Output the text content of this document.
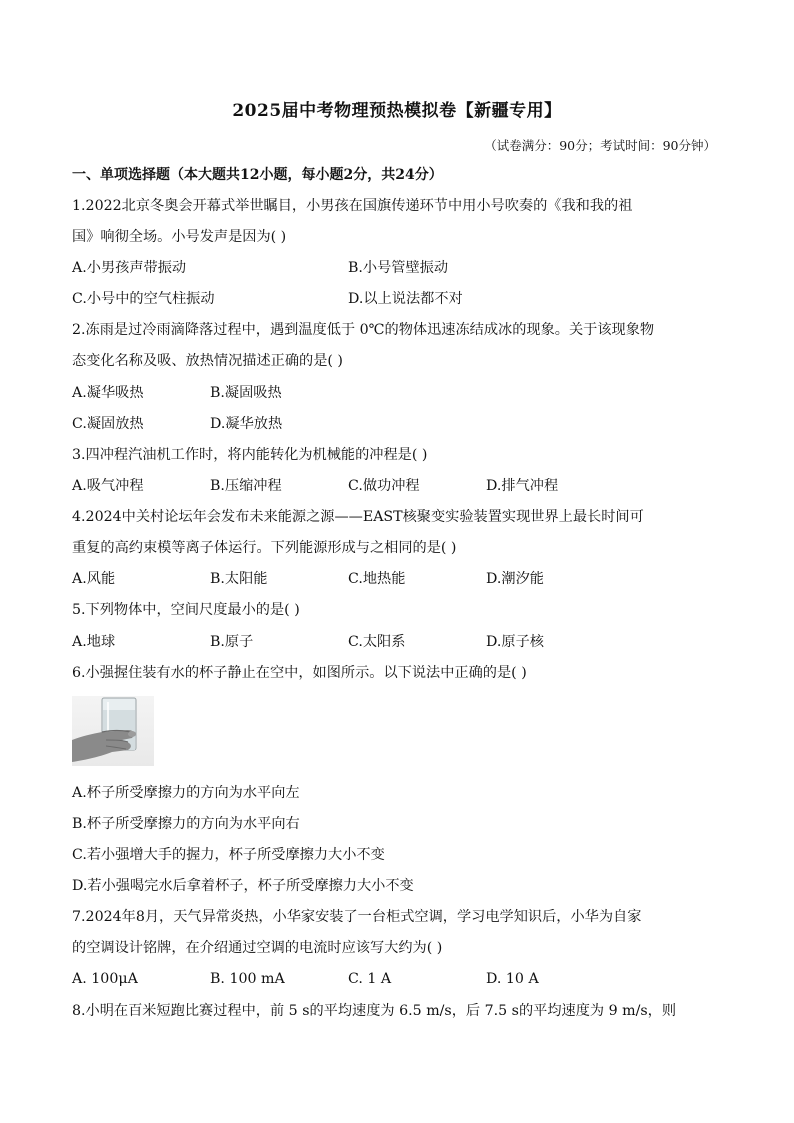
2025届中考物理预热模拟卷【新疆专用】
（试卷满分：90分；考试时间：90分钟）
一、单项选择题（本大题共12小题，每小题2分，共24分）
1.2022北京冬奥会开幕式举世瞩目，小男孩在国旗传递环节中用小号吹奏的《我和我的祖
国》响彻全场。小号发声是因为( )
A.小男孩声带振动	B.小号管壁振动
C.小号中的空气柱振动	D.以上说法都不对
2.冻雨是过冷雨滴降落过程中，遇到温度低于 0℃的物体迅速冻结成冰的现象。关于该现象物
态变化名称及吸、放热情况描述正确的是( )
A.凝华吸热	B.凝固吸热
C.凝固放热	D.凝华放热
3.四冲程汽油机工作时，将内能转化为机械能的冲程是( )
A.吸气冲程	B.压缩冲程	C.做功冲程	D.排气冲程
4.2024中关村论坛年会发布未来能源之源——EAST核聚变实验装置实现世界上最长时间可
重复的高约束模等离子体运行。下列能源形成与之相同的是( )
A.风能	B.太阳能	C.地热能	D.潮汐能
5.下列物体中，空间尺度最小的是( )
A.地球	B.原子	C.太阳系	D.原子核
6.小强握住装有水的杯子静止在空中，如图所示。以下说法中正确的是( )
A.杯子所受摩擦力的方向为水平向左
B.杯子所受摩擦力的方向为水平向右
C.若小强增大手的握力，杯子所受摩擦力大小不变
D.若小强喝完水后拿着杯子，杯子所受摩擦力大小不变
7.2024年8月，天气异常炎热，小华家安装了一台柜式空调，学习电学知识后，小华为自家
的空调设计铭牌，在介绍通过空调的电流时应该写大约为( )
A. 100μA	B. 100 mA	C. 1 A	D. 10 A
8.小明在百米短跑比赛过程中，前 5 s的平均速度为 6.5 m/s，后 7.5 s的平均速度为 9 m/s，则
